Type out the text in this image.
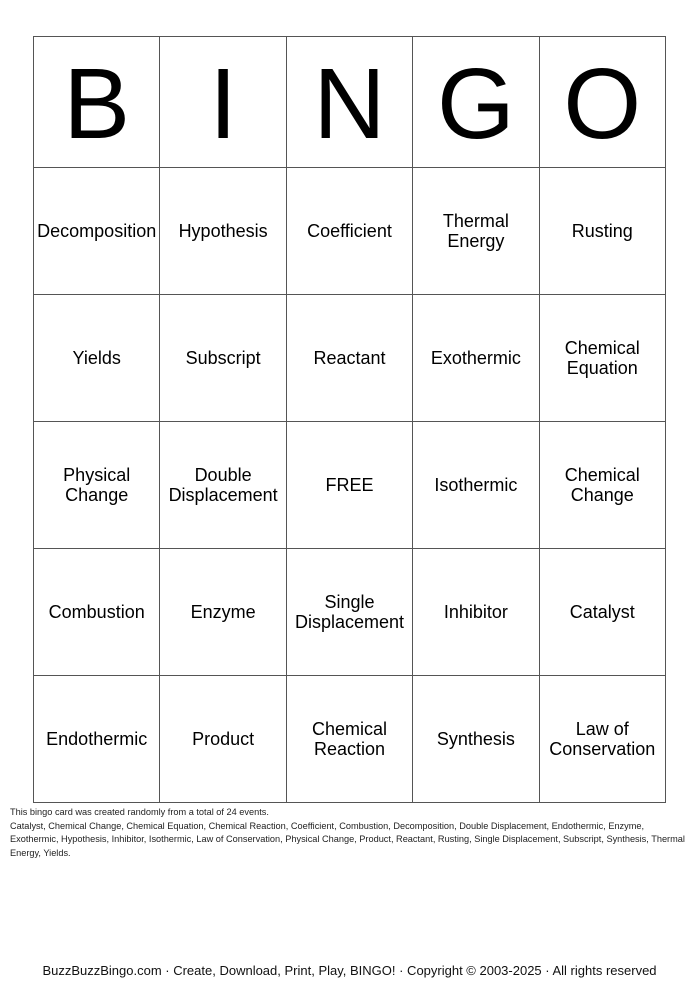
B	I	N	G	O
Decomposition	Hypothesis	Coefficient	Thermal Energy	Rusting
Yields	Subscript	Reactant	Exothermic	Chemical Equation
Physical Change	Double Displacement	FREE	Isothermic	Chemical Change
Combustion	Enzyme	Single Displacement	Inhibitor	Catalyst
Endothermic	Product	Chemical Reaction	Synthesis	Law of Conservation
This bingo card was created randomly from a total of 24 events.
Catalyst, Chemical Change, Chemical Equation, Chemical Reaction, Coefficient, Combustion, Decomposition, Double Displacement, Endothermic, Enzyme, Exothermic, Hypothesis, Inhibitor, Isothermic, Law of Conservation, Physical Change, Product, Reactant, Rusting, Single Displacement, Subscript, Synthesis, Thermal Energy, Yields.
BuzzBuzzBingo.com · Create, Download, Print, Play, BINGO! · Copyright © 2003-2025 · All rights reserved
